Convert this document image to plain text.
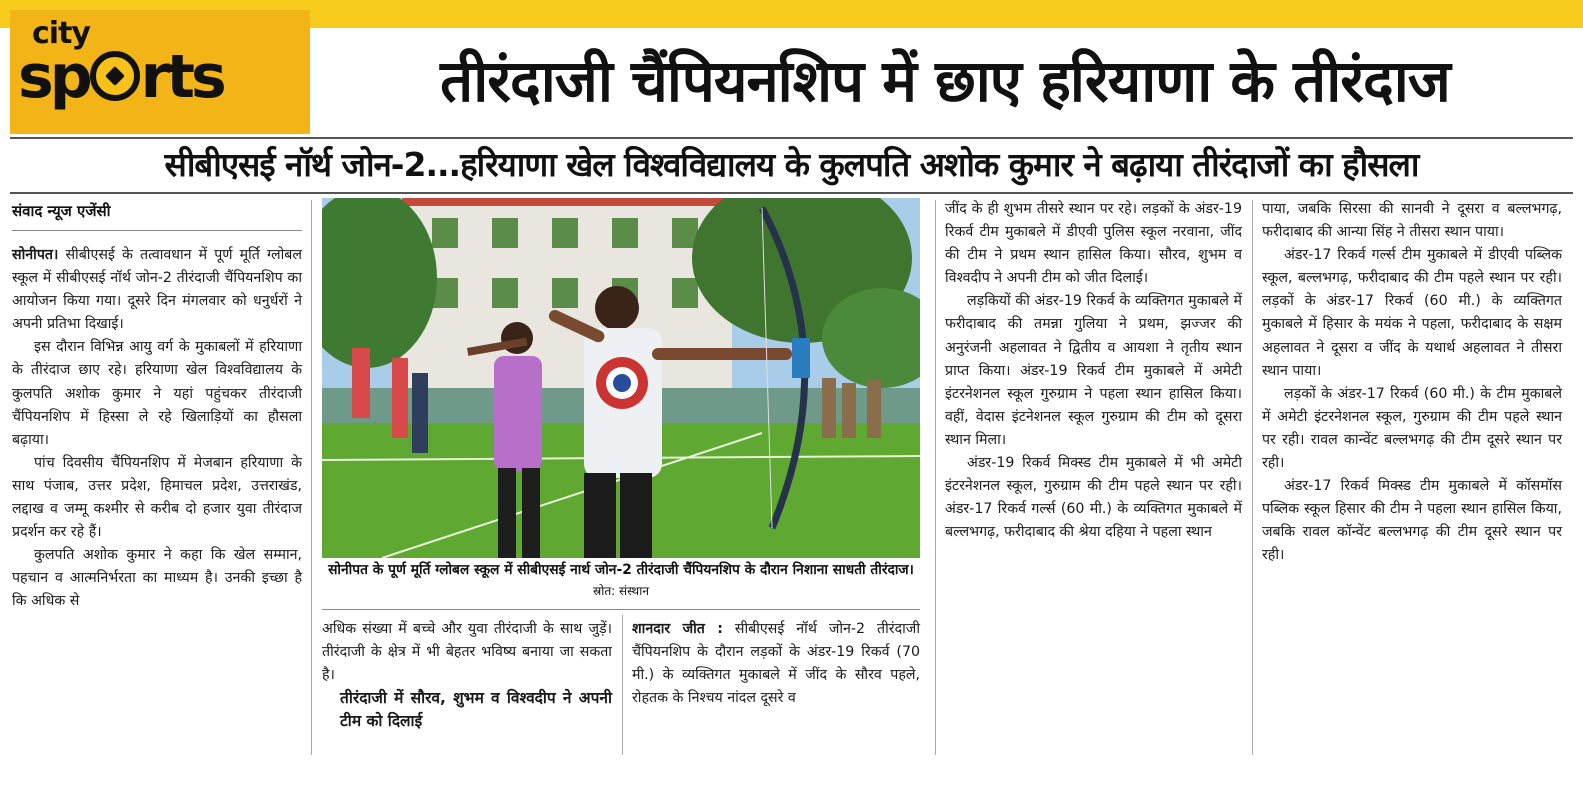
city
sp rts	तीरंदाजी चैंपियनशिप में छाए हरियाणा के तीरंदाज
सीबीएसई नॉर्थ जोन-2...हरियाणा खेल विश्वविद्यालय के कुलपति अशोक कुमार ने बढ़ाया तीरंदाजों का हौसला
संवाद न्यूज एजेंसी

सोनीपत। सीबीएसई के तत्वावधान में पूर्ण मूर्ति ग्लोबल स्कूल में सीबीएसई नॉर्थ जोन-2 तीरंदाजी चैंपियनशिप का आयोजन किया गया। दूसरे दिन मंगलवार को धनुर्धरों ने अपनी प्रतिभा दिखाई।

इस दौरान विभिन्न आयु वर्ग के मुकाबलों में हरियाणा के तीरंदाज छाए रहे। हरियाणा खेल विश्वविद्यालय के कुलपति अशोक कुमार ने यहां पहुंचकर तीरंदाजी चैंपियनशिप में हिस्सा ले रहे खिलाड़ियों का हौसला बढ़ाया।

पांच दिवसीय चैंपियनशिप में मेजबान हरियाणा के साथ पंजाब, उत्तर प्रदेश, हिमाचल प्रदेश, उत्तराखंड, लद्दाख व जम्मू कश्मीर से करीब दो हजार युवा तीरंदाज प्रदर्शन कर रहे हैं।

कुलपति अशोक कुमार ने कहा कि खेल सम्मान, पहचान व आत्मनिर्भरता का माध्यम है। उनकी इच्छा है कि अधिक से

सोनीपत के पूर्ण मूर्ति ग्लोबल स्कूल में सीबीएसई नार्थ जोन-2 तीरंदाजी चैंपियनशिप के दौरान निशाना साधती तीरंदाज। स्रोत: संस्थान

अधिक संख्या में बच्चे और युवा तीरंदाजी के साथ जुड़ें। तीरंदाजी के क्षेत्र में भी बेहतर भविष्य बनाया जा सकता है।

तीरंदाजी में सौरव, शुभम व विश्वदीप ने अपनी टीम को दिलाई

शानदार जीत : सीबीएसई नॉर्थ जोन-2 तीरंदाजी चैंपियनशिप के दौरान लड़कों के अंडर-19 रिकर्व (70 मी.) के व्यक्तिगत मुकाबले में जींद के सौरव पहले, रोहतक के निश्चय नांदल दूसरे व

जींद के ही शुभम तीसरे स्थान पर रहे। लड़कों के अंडर-19 रिकर्व टीम मुकाबले में डीएवी पुलिस स्कूल नरवाना, जींद की टीम ने प्रथम स्थान हासिल किया। सौरव, शुभम व विश्वदीप ने अपनी टीम को जीत दिलाई।

लड़कियों की अंडर-19 रिकर्व के व्यक्तिगत मुकाबले में फरीदाबाद की तमन्ना गुलिया ने प्रथम, झज्जर की अनुरंजनी अहलावत ने द्वितीय व आयशा ने तृतीय स्थान प्राप्त किया। अंडर-19 रिकर्व टीम मुकाबले में अमेटी इंटरनेशनल स्कूल गुरुग्राम ने पहला स्थान हासिल किया। वहीं, वेदास इंटनेशनल स्कूल गुरुग्राम की टीम को दूसरा स्थान मिला।

अंडर-19 रिकर्व मिक्स्ड टीम मुकाबले में भी अमेटी इंटरनेशनल स्कूल, गुरुग्राम की टीम पहले स्थान पर रही। अंडर-17 रिकर्व गर्ल्स (60 मी.) के व्यक्तिगत मुकाबले में बल्लभगढ़, फरीदाबाद की श्रेया दहिया ने पहला स्थान

पाया, जबकि सिरसा की सानवी ने दूसरा व बल्लभगढ़, फरीदाबाद की आन्या सिंह ने तीसरा स्थान पाया।

अंडर-17 रिकर्व गर्ल्स टीम मुकाबले में डीएवी पब्लिक स्कूल, बल्लभगढ़, फरीदाबाद की टीम पहले स्थान पर रही। लड़कों के अंडर-17 रिकर्व (60 मी.) के व्यक्तिगत मुकाबले में हिसार के मयंक ने पहला, फरीदाबाद के सक्षम अहलावत ने दूसरा व जींद के यथार्थ अहलावत ने तीसरा स्थान पाया।

लड़कों के अंडर-17 रिकर्व (60 मी.) के टीम मुकाबले में अमेटी इंटरनेशनल स्कूल, गुरुग्राम की टीम पहले स्थान पर रही। रावल कान्वेंट बल्लभगढ़ की टीम दूसरे स्थान पर रही।

अंडर-17 रिकर्व मिक्स्ड टीम मुकाबले में कॉसमॉस पब्लिक स्कूल हिसार की टीम ने पहला स्थान हासिल किया, जबकि रावल कॉन्वेंट बल्लभगढ़ की टीम दूसरे स्थान पर रही।
